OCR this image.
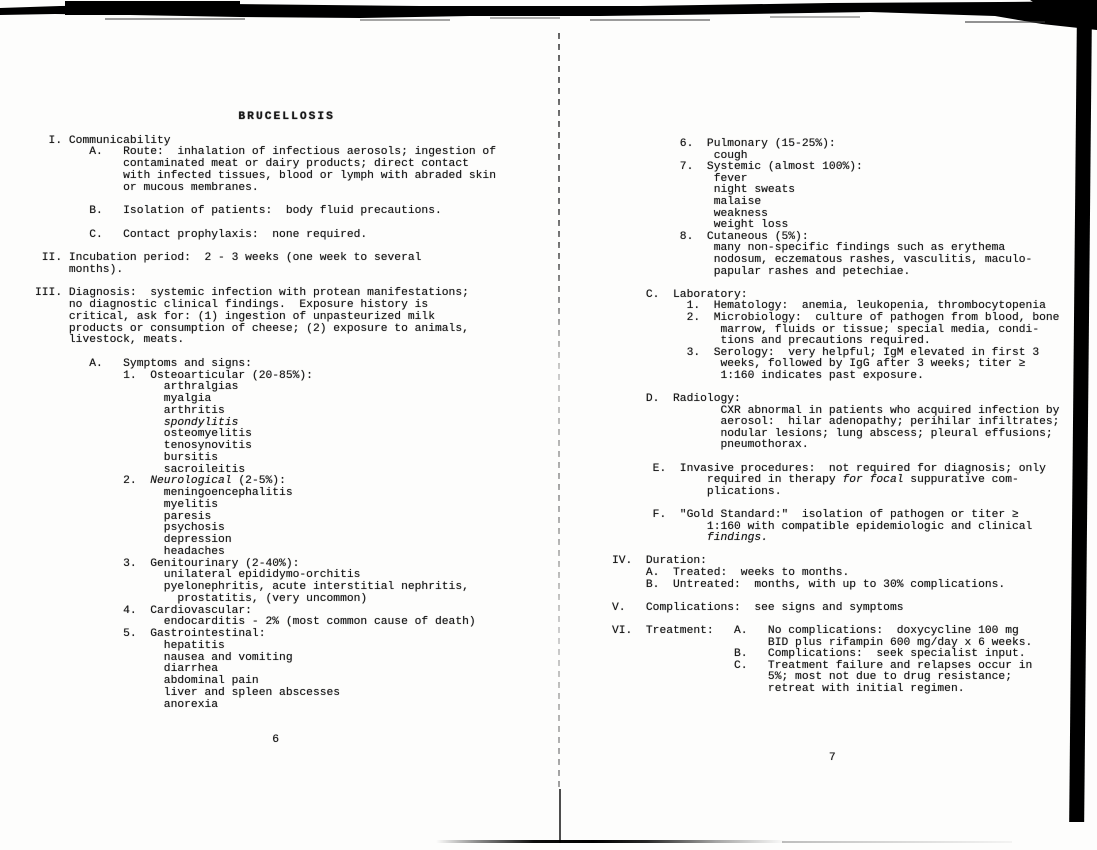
BRUCELLOSIS

I. Communicability
A.   Route:  inhalation of infectious aerosols; ingestion of
contaminated meat or dairy products; direct contact
with infected tissues, blood or lymph with abraded skin
or mucous membranes.

B.   Isolation of patients:  body fluid precautions.

C.   Contact prophylaxis:  none required.

II. Incubation period:  2 - 3 weeks (one week to several
months).

III. Diagnosis:  systemic infection with protean manifestations;
no diagnostic clinical findings.  Exposure history is
critical, ask for: (1) ingestion of unpasteurized milk
products or consumption of cheese; (2) exposure to animals,
livestock, meats.

A.   Symptoms and signs:
1.  Osteoarticular (20-85%):
arthralgias
myalgia
arthritis
spondylitis
osteomyelitis
tenosynovitis
bursitis
sacroileitis
2.  Neurological (2-5%):
meningoencephalitis
myelitis
paresis
psychosis
depression
headaches
3.  Genitourinary (2-40%):
unilateral epididymo-orchitis
pyelonephritis, acute interstitial nephritis,
prostatitis, (very uncommon)
4.  Cardiovascular:
endocarditis - 2% (most common cause of death)
5.  Gastrointestinal:
hepatitis
nausea and vomiting
diarrhea
abdominal pain
liver and spleen abscesses
anorexia

6

6.  Pulmonary (15-25%):
cough
7.  Systemic (almost 100%):
fever
night sweats
malaise
weakness
weight loss
8.  Cutaneous (5%):
many non-specific findings such as erythema
nodosum, eczematous rashes, vasculitis, maculo-
papular rashes and petechiae.

C.  Laboratory:
1.  Hematology:  anemia, leukopenia, thrombocytopenia
2.  Microbiology:  culture of pathogen from blood, bone
marrow, fluids or tissue; special media, condi-
tions and precautions required.
3.  Serology:  very helpful; IgM elevated in first 3
weeks, followed by IgG after 3 weeks; titer ≥
1:160 indicates past exposure.

D.  Radiology:
CXR abnormal in patients who acquired infection by
aerosol:  hilar adenopathy; perihilar infiltrates;
nodular lesions; lung abscess; pleural effusions;
pneumothorax.

E.  Invasive procedures:  not required for diagnosis; only
required in therapy for focal suppurative com-
plications.

F.  "Gold Standard:"  isolation of pathogen or titer ≥
1:160 with compatible epidemiologic and clinical
findings.

IV.  Duration:
A.  Treated:  weeks to months.
B.  Untreated:  months, with up to 30% complications.

V.   Complications:  see signs and symptoms

VI.  Treatment:   A.   No complications:  doxycycline 100 mg
BID plus rifampin 600 mg/day x 6 weeks.
B.   Complications:  seek specialist input.
C.   Treatment failure and relapses occur in
5%; most not due to drug resistance;
retreat with initial regimen.

7
